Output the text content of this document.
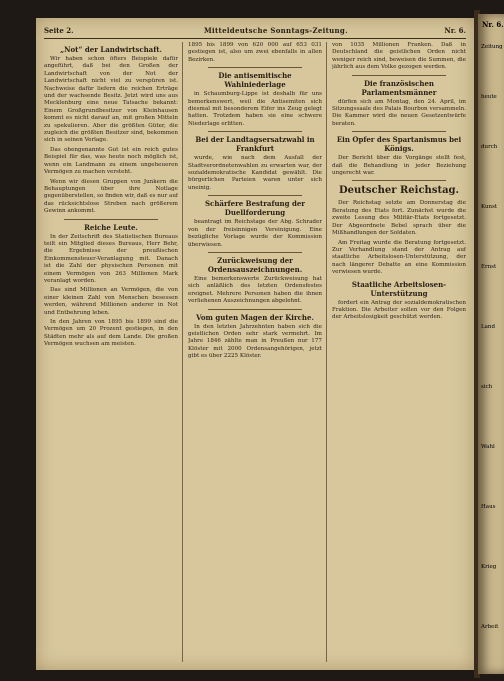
Nr. 6.
Zeitung
heute
durch
Kunst
Ernst
Land
sich
Wahl
Haus
Krieg
Arbeit
Seite 2.	Mitteldeutsche Sonntags-Zeitung.	Nr. 6.
„Not“ der Landwirtschaft.

Wir haben schon öfters Beispiele dafür angeführt, daß bei den Großen der Landwirtschaft von der Not der Landwirtschaft nicht viel zu verspüren ist. Nachweise dafür liefern die reichen Erträge und der wachsende Besitz. Jetzt wird uns aus Mecklenburg eine neue Tatsache bekannt: Einem Großgrundbesitzer von Kleinhausen kommt es nicht darauf an, mit großen Mitteln zu spekulieren. Aber die größten Güter, die zugleich die größten Besitzer sind, bekommen sich in seinen Verlage.

Das obengenannte Gut ist ein reich gutes Beispiel für das, was heute noch möglich ist, wenn ein Landmann zu einem ungeheueren Vermögen zu machen versteht.

Wenn wir diesen Gruppen von Junkern die Behauptungen über ihre Notlage gegenüberstellen, so finden wir, daß es nur auf das rücksichtslose Streben nach größerem Gewinn ankommt.

Reiche Leute.

In der Zeitschrift des Statistischen Bureaus teilt ein Mitglied dieses Bureaus, Herr Behr, die Ergebnisse der preußischen Einkommensteuer-Veranlagung mit. Danach ist die Zahl der physischen Personen mit einem Vermögen von 263 Millionen Mark veranlagt worden.

Das sind Millionen an Vermögen, die von einer kleinen Zahl von Menschen besessen werden, während Millionen anderer in Not und Entbehrung leben.

In den Jahren von 1895 bis 1899 sind die Vermögen um 20 Prozent gestiegen, in den Städten mehr als auf dem Lande. Die großen Vermögen wuchsen am meisten.

1895 bis 1899 von 620 000 auf 653 031 gestiegen ist, also um zwei ebenfalls in allen Bezirken.

Die antisemitische Wahlniederlage

in Schaumburg-Lippe ist deshalb für uns bemerkenswert, weil die Antisemiten sich diesmal mit besonderem Eifer ins Zeug gelegt hatten. Trotzdem haben sie eine schwere Niederlage erlitten.

Bei der Landtagsersatzwahl in Frankfurt

wurde, wie nach dem Ausfall der Stadtverordnetenwahlen zu erwarten war, der sozialdemokratische Kandidat gewählt. Die bürgerlichen Parteien waren unter sich uneinig.

Schärfere Bestrafung der Duellforderung

beantragt im Reichstage der Abg. Schrader von der freisinnigen Vereinigung. Eine bezügliche Vorlage wurde der Kommission überwiesen.

Zurückweisung der Ordensauszeichnungen.

Eine bemerkenswerte Zurückweisung hat sich anläßlich des letzten Ordensfestes ereignet. Mehrere Personen haben die ihnen verliehenen Auszeichnungen abgelehnt.

Vom guten Magen der Kirche.

In den letzten Jahrzehnten haben sich die geistlichen Orden sehr stark vermehrt. Im Jahre 1846 zählte man in Preußen nur 177 Klöster mit 2000 Ordensangehörigen, jetzt gibt es über 2225 Klöster.

von 1035 Millionen Franken. Daß in Deutschland die geistlichen Orden nicht weniger reich sind, beweisen die Summen, die jährlich aus dem Volke gezogen werden.

Die französischen Parlamentsmänner

dürfen sich am Montag, den 24. April, im Sitzungssaale des Palais Bourbon versammeln. Die Kammer wird die neuen Gesetzentwürfe beraten.

Ein Opfer des Spartanismus bei Königs.

Der Bericht über die Vorgänge stellt fest, daß die Behandlung in jeder Beziehung ungerecht war.

Deutscher Reichstag.

Der Reichstag setzte am Donnerstag die Beratung des Etats fort. Zunächst wurde die zweite Lesung des Militär-Etats fortgesetzt. Der Abgeordnete Bebel sprach über die Mißhandlungen der Soldaten.

Am Freitag wurde die Beratung fortgesetzt. Zur Verhandlung stand der Antrag auf staatliche Arbeitslosen-Unterstützung, der nach längerer Debatte an eine Kommission verwiesen wurde.

Staatliche Arbeitslosen-Unterstützung

fordert ein Antrag der sozialdemokratischen Fraktion. Die Arbeiter sollen vor den Folgen der Arbeitslosigkeit geschützt werden.
